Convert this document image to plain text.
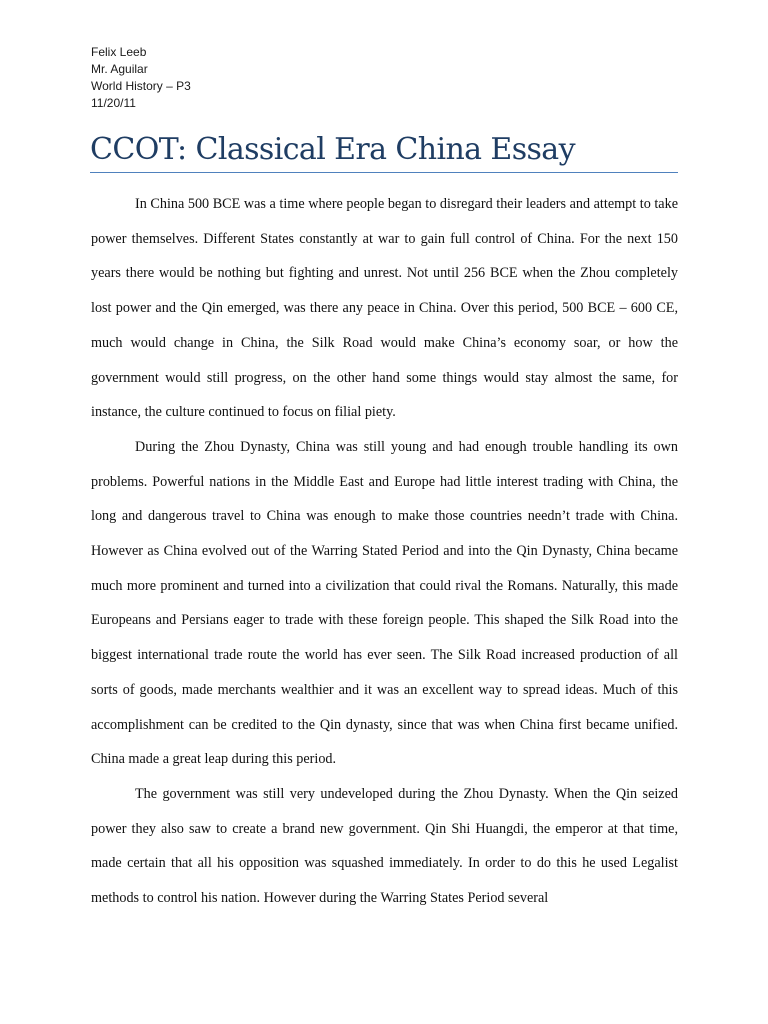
Felix Leeb
Mr. Aguilar
World History – P3
11/20/11
CCOT: Classical Era China Essay

In China 500 BCE was a time where people began to disregard their leaders and attempt to take power themselves. Different States constantly at war to gain full control of China. For the next 150 years there would be nothing but fighting and unrest. Not until 256 BCE when the Zhou completely lost power and the Qin emerged, was there any peace in China. Over this period, 500 BCE – 600 CE, much would change in China, the Silk Road would make China’s economy soar, or how the government would still progress, on the other hand some things would stay almost the same, for instance, the culture continued to focus on filial piety.

During the Zhou Dynasty, China was still young and had enough trouble handling its own problems. Powerful nations in the Middle East and Europe had little interest trading with China, the long and dangerous travel to China was enough to make those countries needn’t trade with China. However as China evolved out of the Warring Stated Period and into the Qin Dynasty, China became much more prominent and turned into a civilization that could rival the Romans. Naturally, this made Europeans and Persians eager to trade with these foreign people. This shaped the Silk Road into the biggest international trade route the world has ever seen. The Silk Road increased production of all sorts of goods, made merchants wealthier and it was an excellent way to spread ideas. Much of this accomplishment can be credited to the Qin dynasty, since that was when China first became unified. China made a great leap during this period.

The government was still very undeveloped during the Zhou Dynasty. When the Qin seized power they also saw to create a brand new government. Qin Shi Huangdi, the emperor at that time, made certain that all his opposition was squashed immediately. In order to do this he used Legalist methods to control his nation. However during the Warring States Period several
